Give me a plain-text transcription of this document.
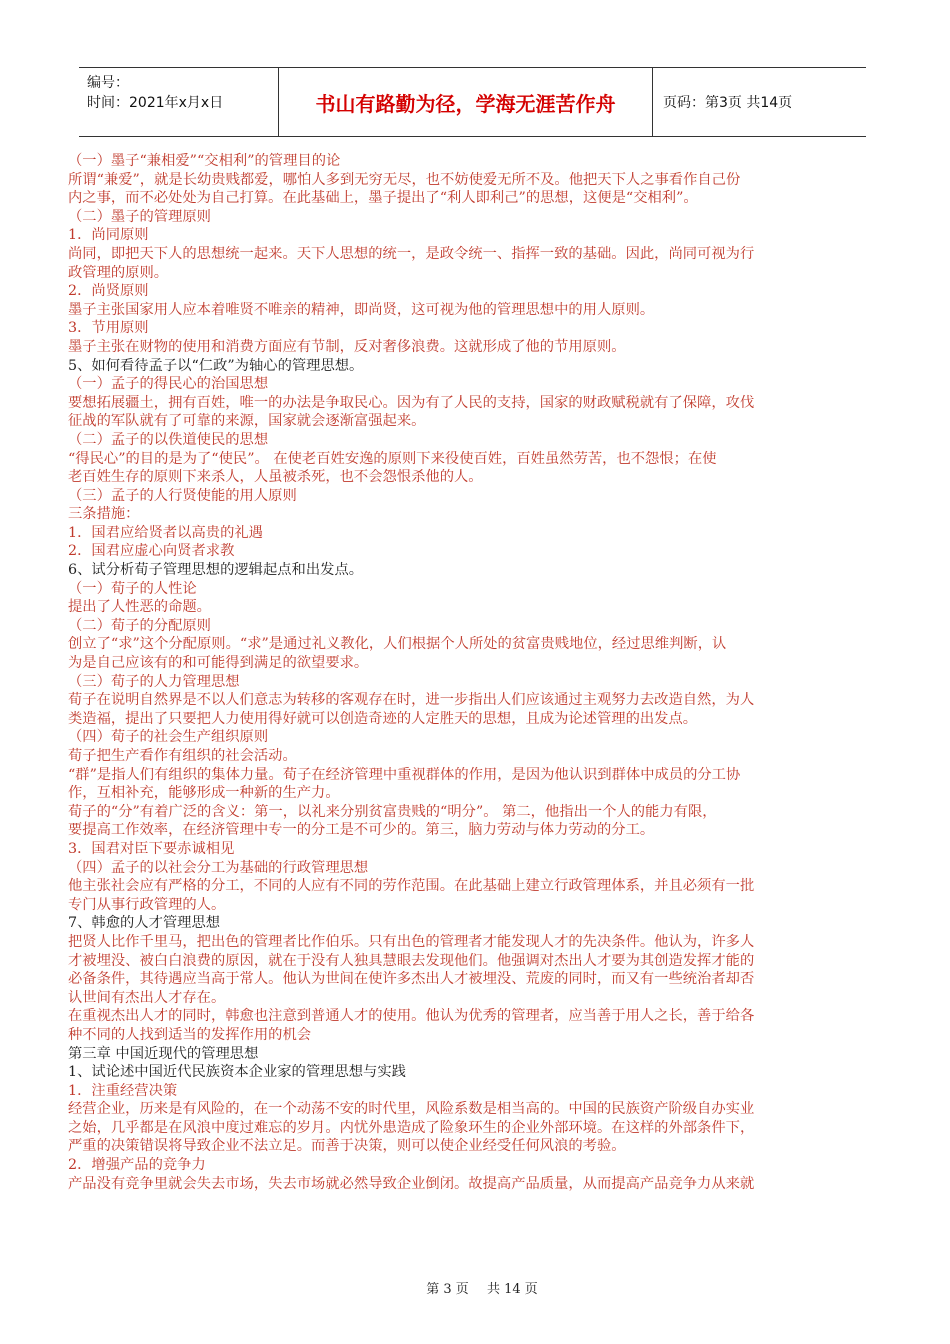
编号：
时间：2021年x月x日	书山有路勤为径，学海无涯苦作舟	页码：第3页 共14页
（一）墨子“兼相爱”“交相利”的管理目的论
所谓“兼爱”，就是长幼贵贱都爱，哪怕人多到无穷无尽，也不妨使爱无所不及。他把天下人之事看作自己份
内之事，而不必处处为自己打算。在此基础上，墨子提出了“利人即利己”的思想，这便是“交相利”。
（二）墨子的管理原则
1．尚同原则
尚同，即把天下人的思想统一起来。天下人思想的统一，是政令统一、指挥一致的基础。因此，尚同可视为行
政管理的原则。
2．尚贤原则
墨子主张国家用人应本着唯贤不唯亲的精神，即尚贤，这可视为他的管理思想中的用人原则。
3．节用原则
墨子主张在财物的使用和消费方面应有节制，反对奢侈浪费。这就形成了他的节用原则。
5、如何看待孟子以“仁政”为轴心的管理思想。
（一）孟子的得民心的治国思想
要想拓展疆土，拥有百姓，唯一的办法是争取民心。因为有了人民的支持，国家的财政赋税就有了保障，攻伐
征战的军队就有了可靠的来源，国家就会逐渐富强起来。
（二）孟子的以佚道使民的思想
“得民心”的目的是为了“使民”。 在使老百姓安逸的原则下来役使百姓，百姓虽然劳苦，也不怨恨；在使
老百姓生存的原则下来杀人，人虽被杀死，也不会怨恨杀他的人。
（三）孟子的人行贤使能的用人原则
三条措施：
1．国君应给贤者以高贵的礼遇
2．国君应虚心向贤者求教
6、试分析荀子管理思想的逻辑起点和出发点。
（一）荀子的人性论
提出了人性恶的命题。
（二）荀子的分配原则
创立了“求”这个分配原则。“求”是通过礼义教化，人们根据个人所处的贫富贵贱地位，经过思维判断，认
为是自己应该有的和可能得到满足的欲望要求。
（三）荀子的人力管理思想
荀子在说明自然界是不以人们意志为转移的客观存在时，进一步指出人们应该通过主观努力去改造自然，为人
类造福，提出了只要把人力使用得好就可以创造奇迹的人定胜天的思想，且成为论述管理的出发点。
（四）荀子的社会生产组织原则
荀子把生产看作有组织的社会活动。
“群”是指人们有组织的集体力量。荀子在经济管理中重视群体的作用，是因为他认识到群体中成员的分工协
作，互相补充，能够形成一种新的生产力。
荀子的“分”有着广泛的含义：第一，以礼来分别贫富贵贱的“明分”。 第二，他指出一个人的能力有限，
要提高工作效率，在经济管理中专一的分工是不可少的。第三，脑力劳动与体力劳动的分工。
3．国君对臣下要赤诚相见
（四）孟子的以社会分工为基础的行政管理思想
他主张社会应有严格的分工，不同的人应有不同的劳作范围。在此基础上建立行政管理体系，并且必须有一批
专门从事行政管理的人。
7、韩愈的人才管理思想
把贤人比作千里马，把出色的管理者比作伯乐。只有出色的管理者才能发现人才的先决条件。他认为，许多人
才被埋没、被白白浪费的原因，就在于没有人独具慧眼去发现他们。他强调对杰出人才要为其创造发挥才能的
必备条件，其待遇应当高于常人。他认为世间在使许多杰出人才被埋没、荒废的同时，而又有一些统治者却否
认世间有杰出人才存在。
在重视杰出人才的同时，韩愈也注意到普通人才的使用。他认为优秀的管理者，应当善于用人之长，善于给各
种不同的人找到适当的发挥作用的机会
第三章 中国近现代的管理思想
1、试论述中国近代民族资本企业家的管理思想与实践
1．注重经营决策
经营企业，历来是有风险的，在一个动荡不安的时代里，风险系数是相当高的。中国的民族资产阶级自办实业
之始，几乎都是在风浪中度过难忘的岁月。内忧外患造成了险象环生的企业外部环境。在这样的外部条件下，
严重的决策错误将导致企业不法立足。而善于决策，则可以使企业经受任何风浪的考验。
2．增强产品的竞争力
产品没有竞争里就会失去市场，失去市场就必然导致企业倒闭。故提高产品质量，从而提高产品竞争力从来就
第 3 页 共 14 页
